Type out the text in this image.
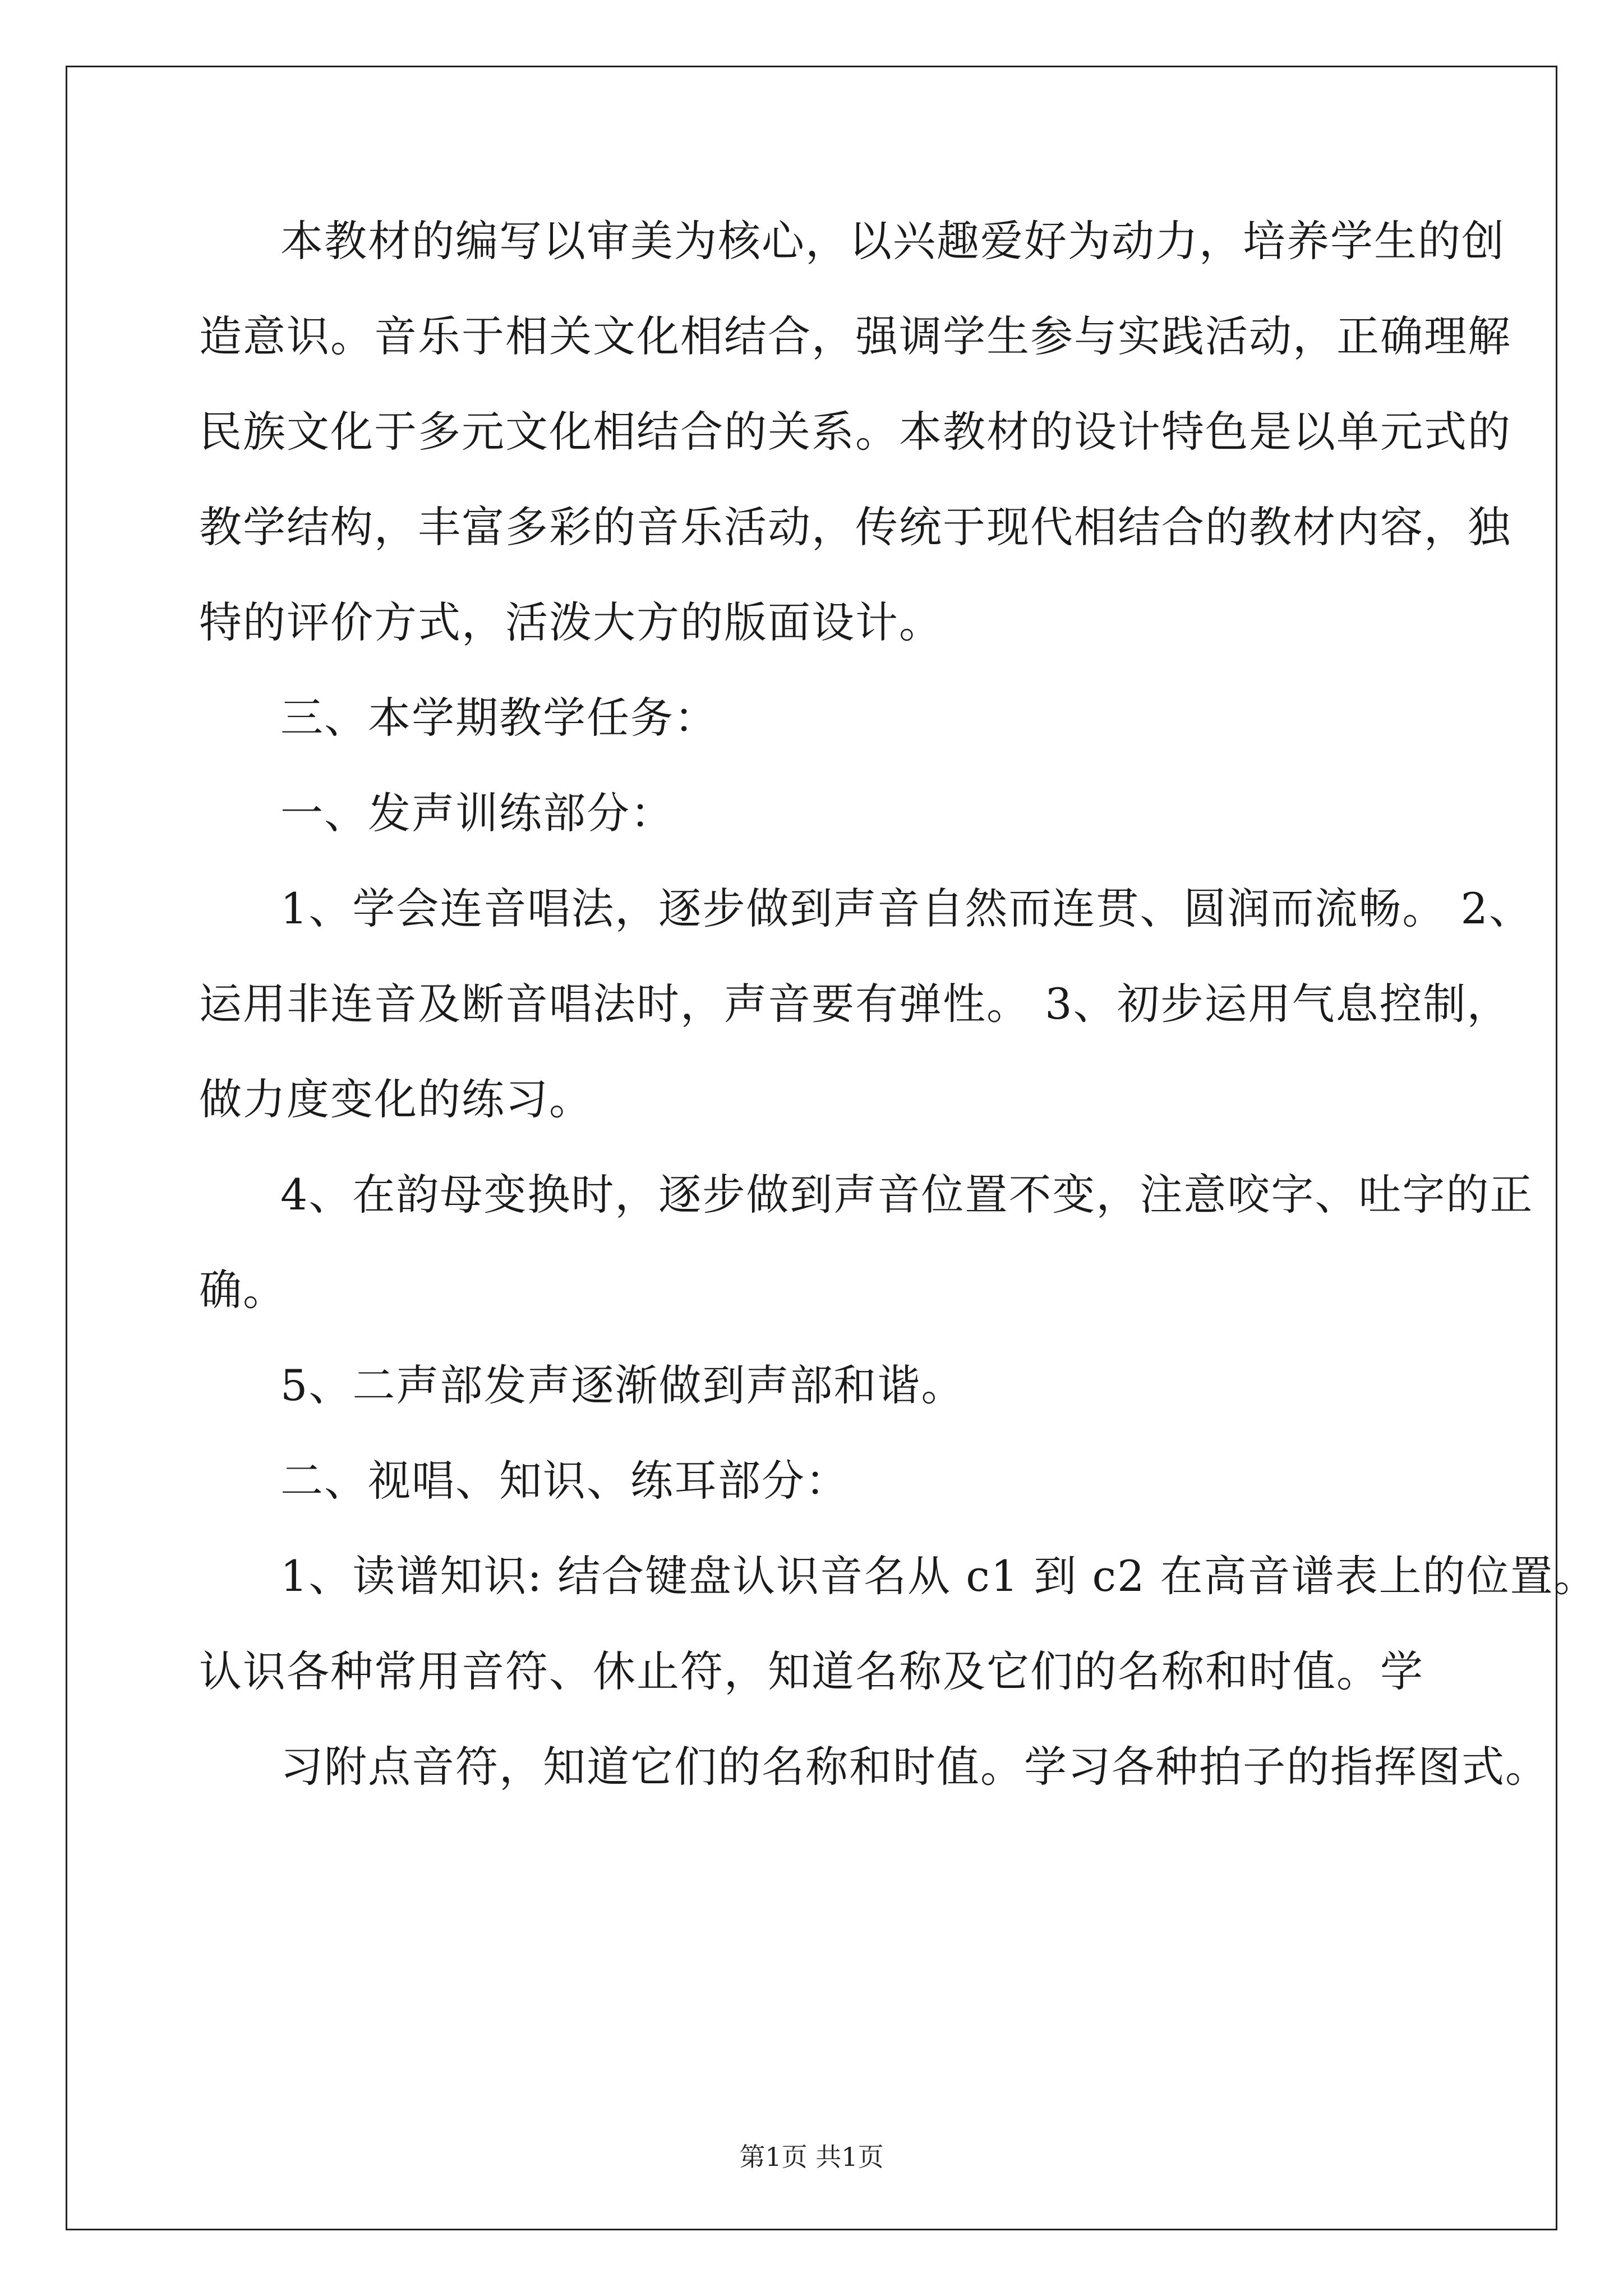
本教材的编写以审美为核心，以兴趣爱好为动力，培养学生的创
造意识。音乐于相关文化相结合，强调学生参与实践活动，正确理解
民族文化于多元文化相结合的关系。本教材的设计特色是以单元式的
教学结构，丰富多彩的音乐活动，传统于现代相结合的教材内容，独
特的评价方式，活泼大方的版面设计。
三、本学期教学任务：
一、发声训练部分：
1、学会连音唱法，逐步做到声音自然而连贯、圆润而流畅。 2、
运用非连音及断音唱法时，声音要有弹性。 3、初步运用气息控制，
做力度变化的练习。
4、在韵母变换时，逐步做到声音位置不变，注意咬字、吐字的正
确。
5、二声部发声逐渐做到声部和谐。
二、视唱、知识、练耳部分：
1、读谱知识: 结合键盘认识音名从 c1 到 c2 在高音谱表上的位置。
认识各种常用音符、休止符，知道名称及它们的名称和时值。学
习附点音符，知道它们的名称和时值。学习各种拍子的指挥图式。
第1页 共1页
